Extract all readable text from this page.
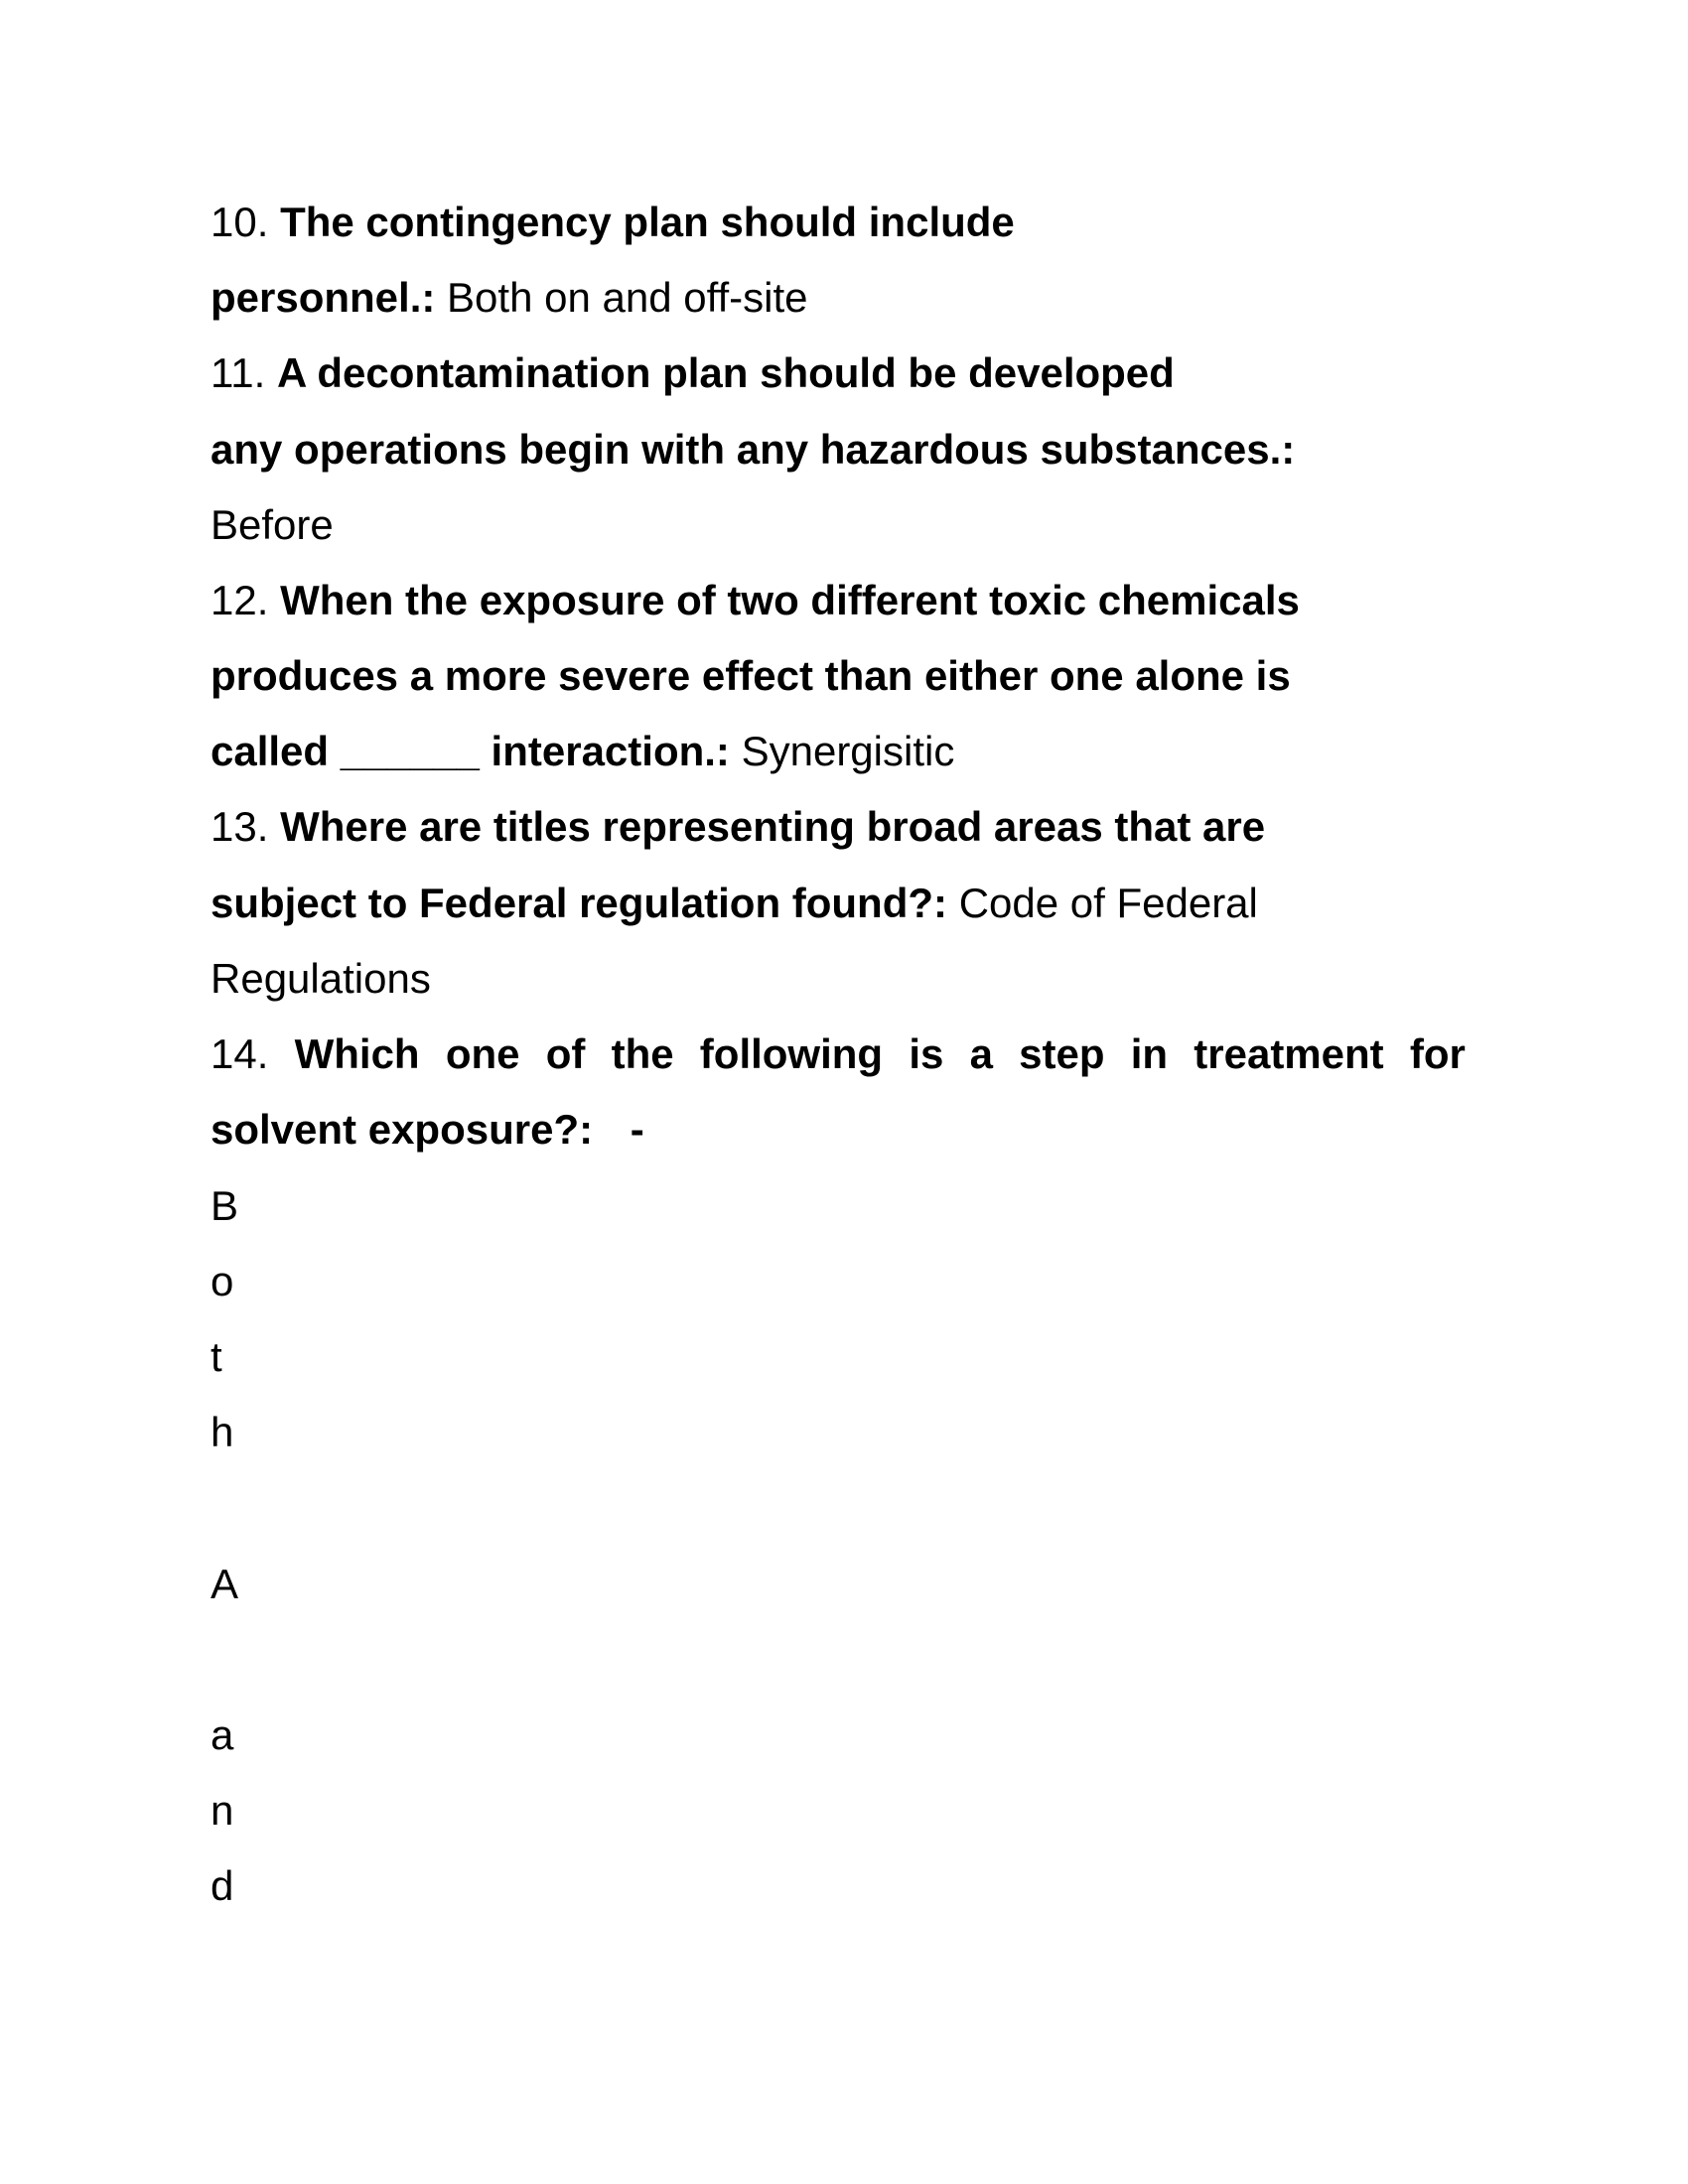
10. The contingency plan should include
personnel.: Both on and off-site
11. A decontamination plan should be developed
any operations begin with any hazardous substances.:
Before
12. When the exposure of two different toxic chemicals
produces a more severe effect than either one alone is
called ______ interaction.: Synergisitic
13. Where are titles representing broad areas that are
subject to Federal regulation found?: Code of Federal
Regulations
14. Which one of the following is a step in treatment for
solvent exposure?: -
B
o
t
h
A
a
n
d
